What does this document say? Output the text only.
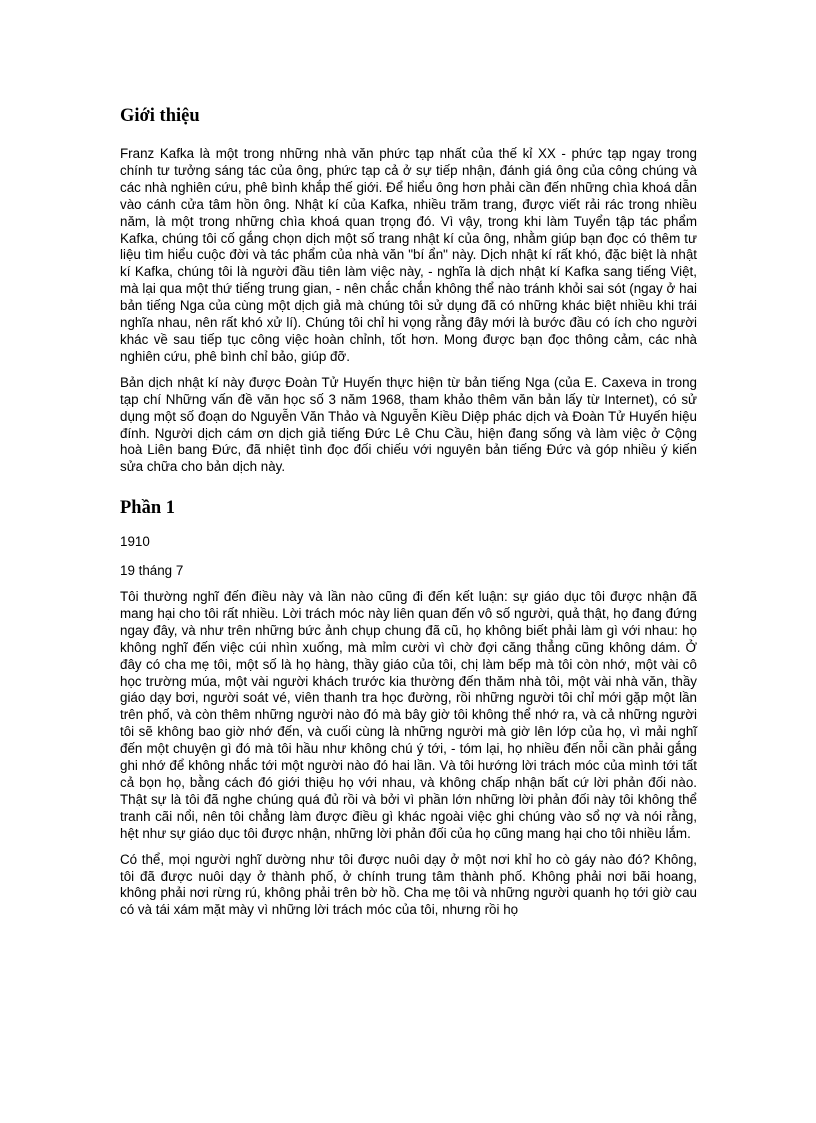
Giới thiệu

Franz Kafka là một trong những nhà văn phức tạp nhất của thế kỉ XX - phức tạp ngay trong chính tư tưởng sáng tác của ông, phức tạp cả ở sự tiếp nhận, đánh giá ông của công chúng và các nhà nghiên cứu, phê bình khắp thế giới. Để hiểu ông hơn phải cần đến những chìa khoá dẫn vào cánh cửa tâm hồn ông. Nhật kí của Kafka, nhiều trăm trang, được viết rải rác trong nhiều năm, là một trong những chìa khoá quan trọng đó. Vì vậy, trong khi làm Tuyển tập tác phẩm Kafka, chúng tôi cố gắng chọn dịch một số trang nhật kí của ông, nhằm giúp bạn đọc có thêm tư liệu tìm hiểu cuộc đời và tác phẩm của nhà văn "bí ẩn" này. Dịch nhật kí rất khó, đặc biệt là nhật kí Kafka, chúng tôi là người đầu tiên làm việc này, - nghĩa là dịch nhật kí Kafka sang tiếng Việt, mà lại qua một thứ tiếng trung gian, - nên chắc chắn không thể nào tránh khỏi sai sót (ngay ở hai bản tiếng Nga của cùng một dịch giả mà chúng tôi sử dụng đã có những khác biệt nhiều khi trái nghĩa nhau, nên rất khó xử lí). Chúng tôi chỉ hi vọng rằng đây mới là bước đầu có ích cho người khác về sau tiếp tục công việc hoàn chỉnh, tốt hơn. Mong được bạn đọc thông cảm, các nhà nghiên cứu, phê bình chỉ bảo, giúp đỡ.

Bản dịch nhật kí này được Đoàn Tử Huyến thực hiện từ bản tiếng Nga (của E. Caxeva in trong tạp chí Những vấn đề văn học số 3 năm 1968, tham khảo thêm văn bản lấy từ Internet), có sử dụng một số đoạn do Nguyễn Văn Thảo và Nguyễn Kiều Diệp phác dịch và Đoàn Tử Huyến hiệu đính. Người dịch cám ơn dịch giả tiếng Đức Lê Chu Cầu, hiện đang sống và làm việc ở Cộng hoà Liên bang Đức, đã nhiệt tình đọc đối chiếu với nguyên bản tiếng Đức và góp nhiều ý kiến sửa chữa cho bản dịch này.

Phần 1

1910

19 tháng 7

Tôi thường nghĩ đến điều này và lần nào cũng đi đến kết luận: sự giáo dục tôi được nhận đã mang hại cho tôi rất nhiều. Lời trách móc này liên quan đến vô số người, quả thật, họ đang đứng ngay đây, và như trên những bức ảnh chụp chung đã cũ, họ không biết phải làm gì với nhau: họ không nghĩ đến việc cúi nhìn xuống, mà mỉm cười vì chờ đợi căng thẳng cũng không dám. Ở đây có cha mẹ tôi, một số là họ hàng, thầy giáo của tôi, chị làm bếp mà tôi còn nhớ, một vài cô học trường múa, một vài người khách trước kia thường đến thăm nhà tôi, một vài nhà văn, thầy giáo dạy bơi, người soát vé, viên thanh tra học đường, rồi những người tôi chỉ mới gặp một lần trên phố, và còn thêm những người nào đó mà bây giờ tôi không thể nhớ ra, và cả những người tôi sẽ không bao giờ nhớ đến, và cuối cùng là những người mà giờ lên lớp của họ, vì mải nghĩ đến một chuyện gì đó mà tôi hầu như không chú ý tới, - tóm lại, họ nhiều đến nỗi cần phải gắng ghi nhớ để không nhắc tới một người nào đó hai lần. Và tôi hướng lời trách móc của mình tới tất cả bọn họ, bằng cách đó giới thiệu họ với nhau, và không chấp nhận bất cứ lời phản đối nào. Thật sự là tôi đã nghe chúng quá đủ rồi và bởi vì phần lớn những lời phản đối này tôi không thể tranh cãi nổi, nên tôi chẳng làm được điều gì khác ngoài việc ghi chúng vào sổ nợ và nói rằng, hệt như sự giáo dục tôi được nhận, những lời phản đối của họ cũng mang hại cho tôi nhiều lắm.

Có thể, mọi người nghĩ dường như tôi được nuôi dạy ở một nơi khỉ ho cò gáy nào đó? Không, tôi đã được nuôi dạy ở thành phố, ở chính trung tâm thành phố. Không phải nơi bãi hoang, không phải nơi rừng rú, không phải trên bờ hồ. Cha mẹ tôi và những người quanh họ tới giờ cau có và tái xám mặt mày vì những lời trách móc của tôi, nhưng rồi họ
